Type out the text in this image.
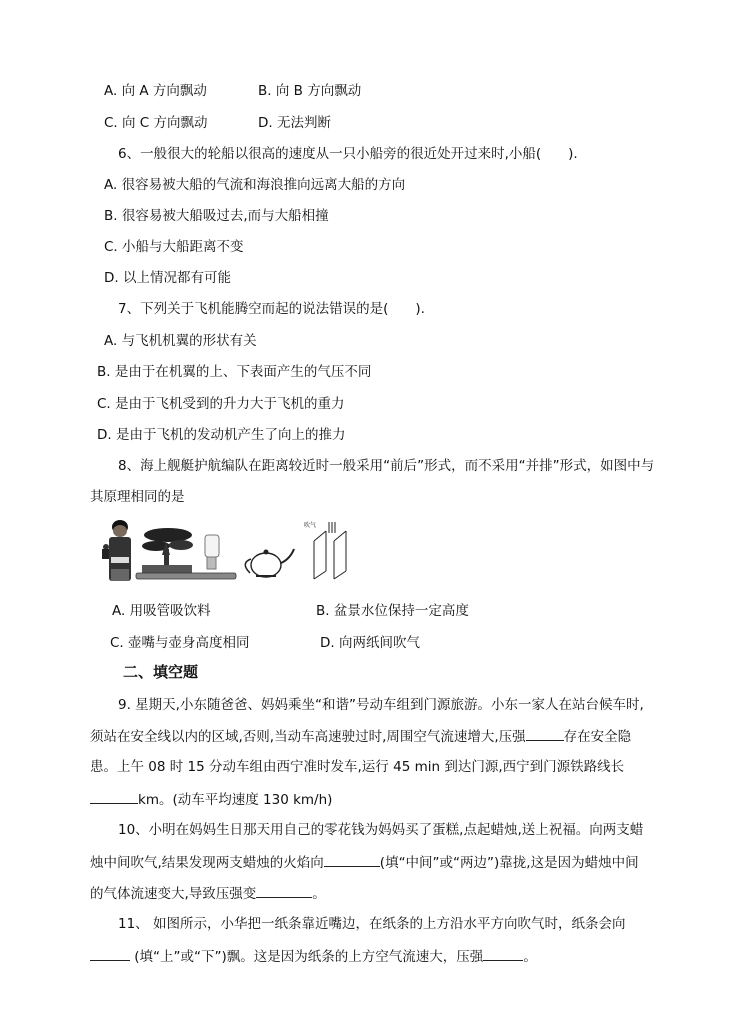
A. 向 A 方向飘动	B. 向 B 方向飘动
C. 向 C 方向飘动	D. 无法判断
6、一般很大的轮船以很高的速度从一只小船旁的很近处开过来时,小船(　　).
A. 很容易被大船的气流和海浪推向远离大船的方向
B. 很容易被大船吸过去,而与大船相撞
C. 小船与大船距离不变
D. 以上情况都有可能
7、下列关于飞机能腾空而起的说法错误的是(　　).
A. 与飞机机翼的形状有关
B. 是由于在机翼的上、下表面产生的气压不同
C. 是由于飞机受到的升力大于飞机的重力
D. 是由于飞机的发动机产生了向上的推力
8、海上舰艇护航编队在距离较近时一般采用“前后”形式，而不采用“并排”形式，如图中与
其原理相同的是
吹气
A. 用吸管吸饮料	B. 盆景水位保持一定高度
C. 壶嘴与壶身高度相同	D. 向两纸间吹气
二、填空题
9. 星期天,小东随爸爸、妈妈乘坐“和谐”号动车组到门源旅游。小东一家人在站台候车时,
须站在安全线以内的区域,否则,当动车高速驶过时,周围空气流速增大,压强	存在安全隐
患。上午 08 时 15 分动车组由西宁准时发车,运行 45 min 到达门源,西宁到门源铁路线长
km。(动车平均速度 130 km/h)
10、小明在妈妈生日那天用自己的零花钱为妈妈买了蛋糕,点起蜡烛,送上祝福。向两支蜡
烛中间吹气,结果发现两支蜡烛的火焰向	(填“中间”或“两边”)靠拢,这是因为蜡烛中间
的气体流速变大,导致压强变	。
11、 如图所示，小华把一纸条靠近嘴边，在纸条的上方沿水平方向吹气时，纸条会向
(填“上”或“下”)飘。这是因为纸条的上方空气流速大，压强	。
